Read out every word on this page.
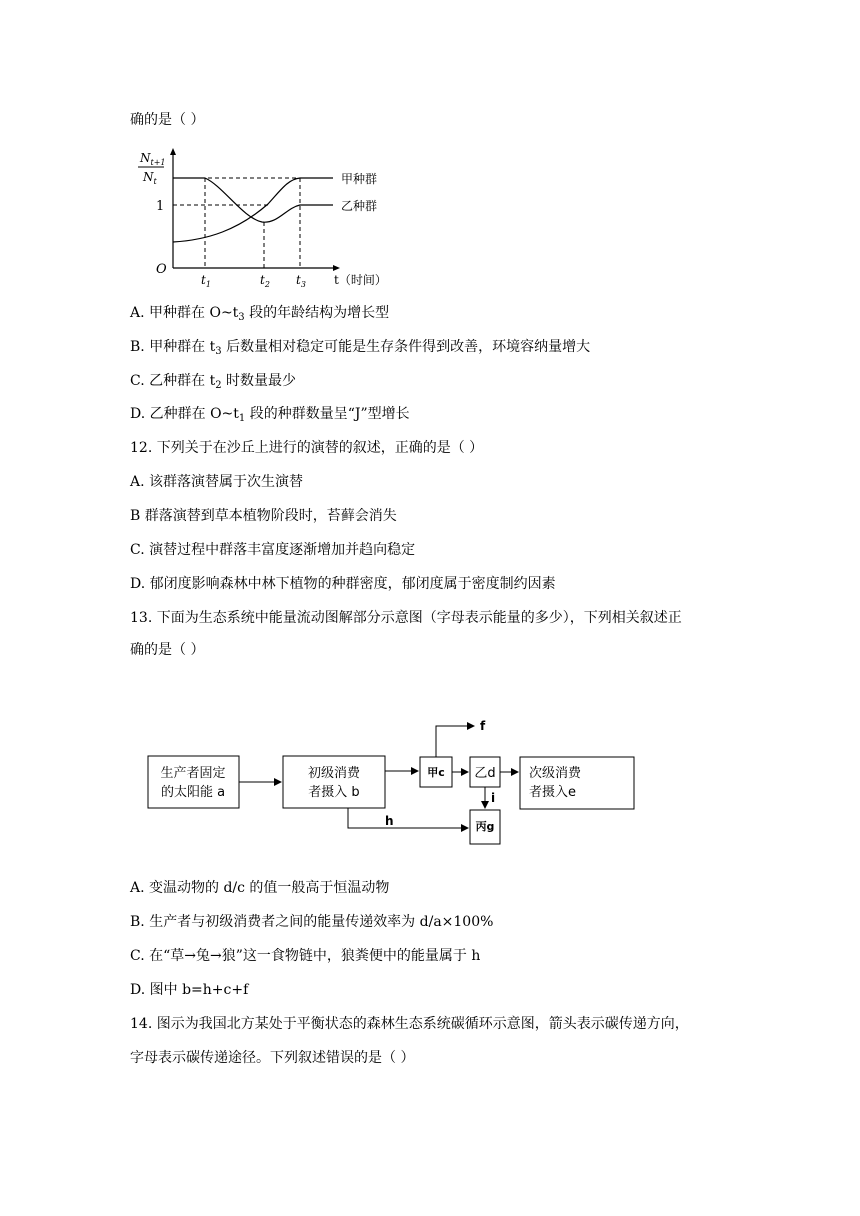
确的是（ ）
$N_{t+1}$
$N_t$
1
O
甲种群
乙种群
$t_1$	$t_2$ $t_3$ t（时间）
A. 甲种群在 $O\sim t_3$ 段的年龄结构为增长型
B. 甲种群在 $t_3$ 后数量相对稳定可能是生存条件得到改善，环境容纳量增大
C. 乙种群在 $t_2$ 时数量最少
D. 乙种群在 $O\sim t_1$ 段的种群数量呈“J”型增长
12. 下列关于在沙丘上进行的演替的叙述，正确的是（ ）
A. 该群落演替属于次生演替
B 群落演替到草本植物阶段时，苔藓会消失
C. 演替过程中群落丰富度逐渐增加并趋向稳定
D. 郁闭度影响森林中林下植物的种群密度，郁闭度属于密度制约因素
13. 下面为生态系统中能量流动图解部分示意图（字母表示能量的多少），下列相关叙述正
确的是（ ）
生产者固定
的太阳能 a
初级消费
者摄入 b
甲c
f
乙d	次级消费
者摄入e
i
丙g
h
A. 变温动物的 d/c 的值一般高于恒温动物
B. 生产者与初级消费者之间的能量传递效率为 d/a×100%
C. 在“草→兔→狼”这一食物链中，狼粪便中的能量属于 h
D. 图中 b=h+c+f
14. 图示为我国北方某处于平衡状态的森林生态系统碳循环示意图，箭头表示碳传递方向，
字母表示碳传递途径。下列叙述错误的是（ ）
